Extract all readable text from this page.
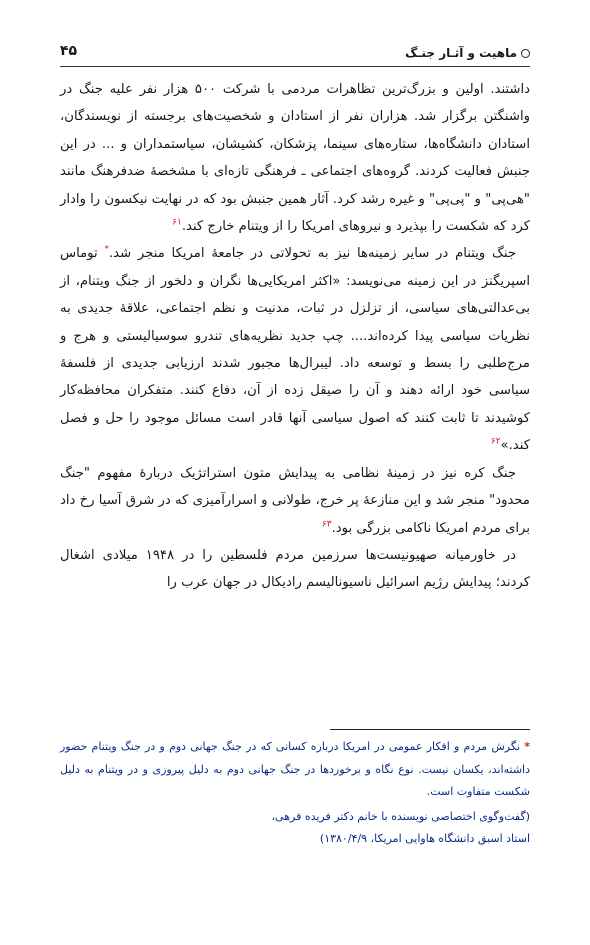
ماهیت و آثـار جنـگ
۴۵

داشتند. اولین و بزرگ‌ترین تظاهرات مردمی با شرکت ۵۰۰ هزار نفر علیه جنگ در واشنگتن برگزار شد. هزاران نفر از استادان و شخصیت‌های برجسته از نویسندگان، استادان دانشگاه‌ها، ستاره‌های سینما، پزشکان، کشیشان، سیاستمداران و ... در این جنبش فعالیت کردند. گروه‌های اجتماعی ـ فرهنگی تازه‌ای با مشخصهٔ ضدفرهنگ مانند "هی‌پی" و "پی‌پی" و غیره رشد کرد. آثار همین جنبش بود که در نهایت نیکسون را وادار کرد که شکست را بپذیرد و نیروهای امریکا را از ویتنام خارج کند.$^{۶۱}$

جنگ ویتنام در سایر زمینه‌ها نیز به تحولاتی در جامعهٔ امریکا منجر شد.* توماس اسپریگنز در این زمینه می‌نویسد: «اکثر امریکایی‌ها نگران و دلخور از جنگ ویتنام، از بی‌عدالتی‌های سیاسی، از تزلزل در ثبات، مدنیت و نظم اجتماعی، علاقهٔ جدیدی به نظریات سیاسی پیدا کرده‌اند.... چپ جدید نظریه‌های تندرو سوسیالیستی و هرج و مرج‌طلبی را بسط و توسعه داد. لیبرال‌ها مجبور شدند ارزیابی جدیدی از فلسفهٔ سیاسی خود ارائه دهند و آن را صیقل زده از آن، دفاع کنند. متفکران محافظه‌کار کوشیدند تا ثابت کنند که اصول سیاسی آنها قادر است مسائل موجود را حل و فصل کند.»$^{۶۲}$

جنگ کره نیز در زمینهٔ نظامی به پیدایش متون استراتژیک دربارهٔ مفهوم "جنگ محدود" منجر شد و این منازعهٔ پر خرج، طولانی و اسرارآمیزی که در شرق آسیا رخ داد برای مردم امریکا ناکامی بزرگی بود.$^{۶۳}$

در خاورمیانه صهیونیست‌ها سرزمین مردم فلسطین را در ۱۹۴۸ میلادی اشغال کردند؛ پیدایش رژیم اسرائیل ناسیونالیسم رادیکال در جهان عرب را

* نگرش مردم و افکار عمومی در امریکا درباره کسانی که در جنگ جهانی دوم و در جنگ ویتنام حضور داشته‌اند، یکسان نیست. نوع نگاه و برخوردها در جنگ جهانی دوم به دلیل پیروزی و در ویتنام به دلیل شکست متفاوت است.

(گفت‌وگوی اختصاصی نویسنده با خانم دکتر فریده فرهی،

استاد اسبق دانشگاه هاوایی امریکا، ۱۳۸۰/۴/۹)
